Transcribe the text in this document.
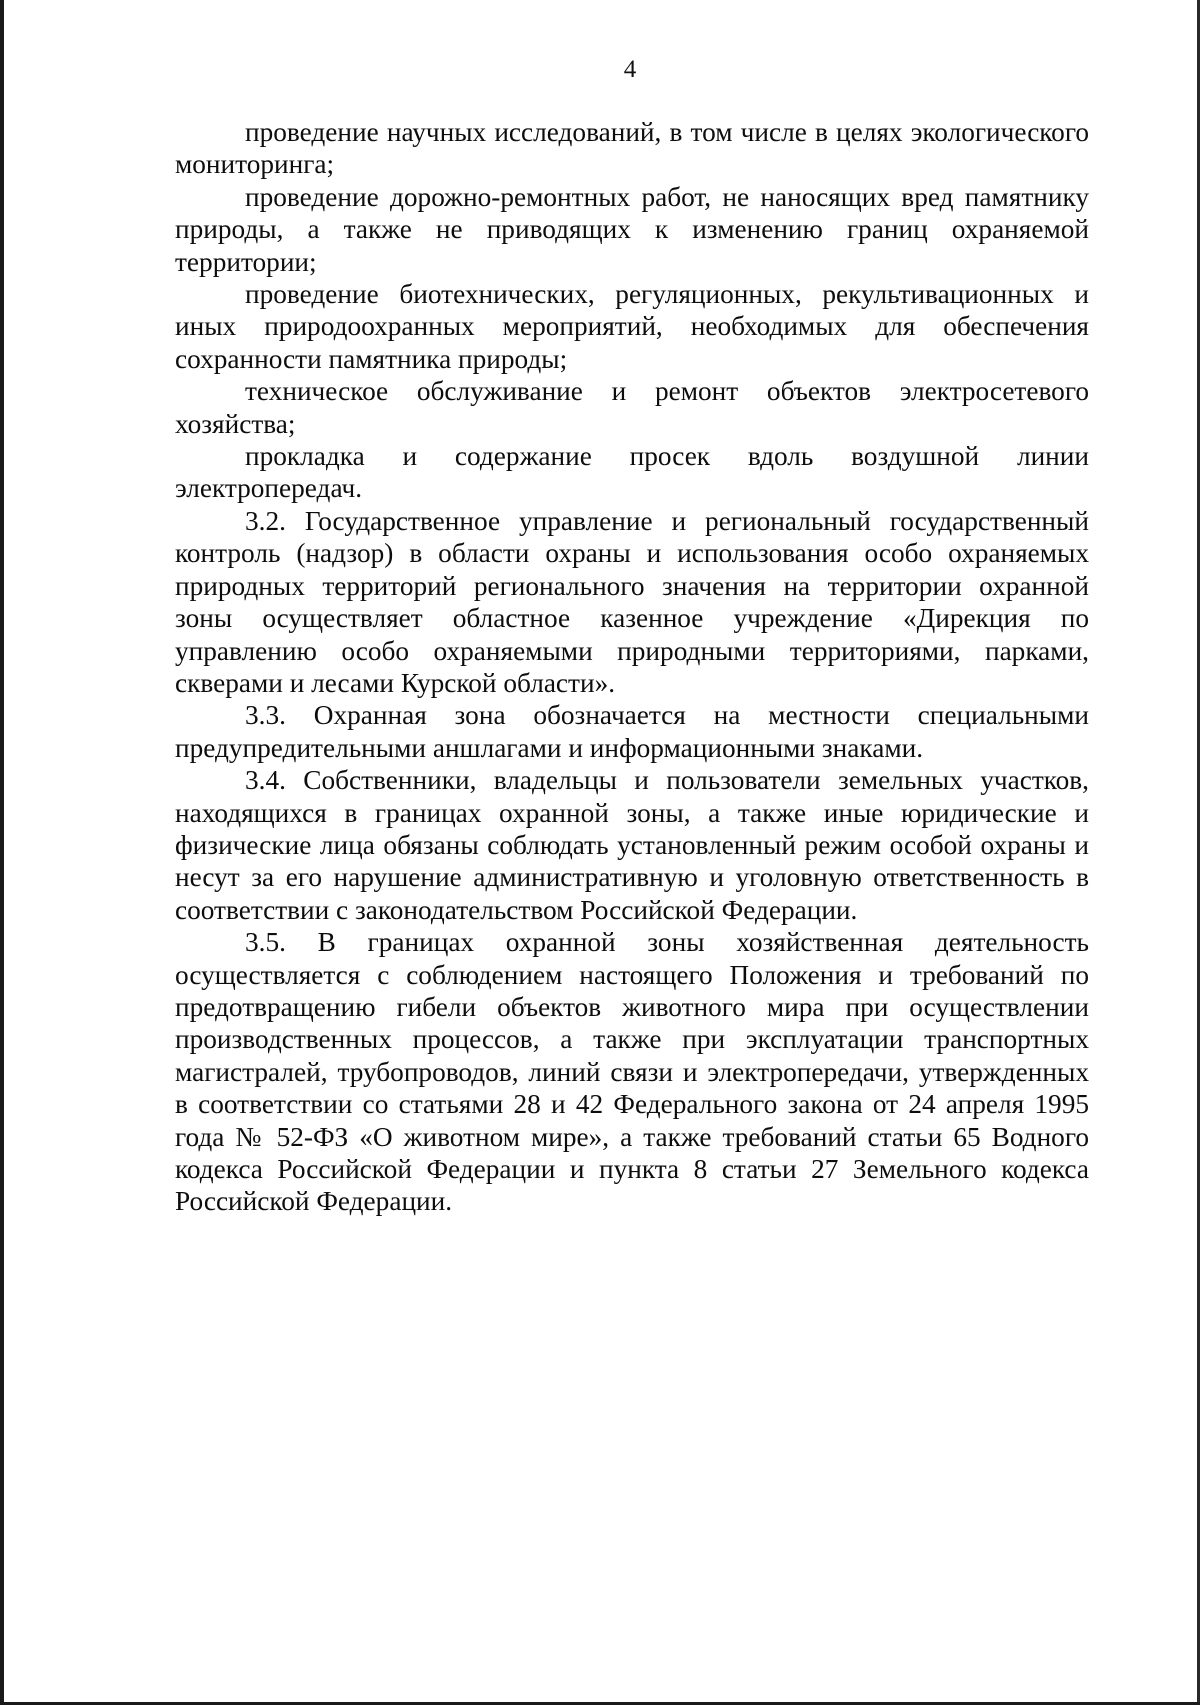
4

проведение научных исследований, в том числе в целях экологического мониторинга;

проведение дорожно-ремонтных работ, не наносящих вред памятнику природы, а также не приводящих к изменению границ охраняемой территории;

проведение биотехнических, регуляционных, рекультивационных и иных природоохранных мероприятий, необходимых для обеспечения сохранности памятника природы;

техническое обслуживание и ремонт объектов электросетевого хозяйства;

прокладка и содержание просек вдоль воздушной линии электропередач.

3.2. Государственное управление и региональный государственный контроль (надзор) в области охраны и использования особо охраняемых природных территорий регионального значения на территории охранной зоны осуществляет областное казенное учреждение «Дирекция по управлению особо охраняемыми природными территориями, парками, скверами и лесами Курской области».

3.3. Охранная зона обозначается на местности специальными предупредительными аншлагами и информационными знаками.

3.4. Собственники, владельцы и пользователи земельных участков, находящихся в границах охранной зоны, а также иные юридические и физические лица обязаны соблюдать установленный режим особой охраны и несут за его нарушение административную и уголовную ответственность в соответствии с законодательством Российской Федерации.

3.5. В границах охранной зоны хозяйственная деятельность осуществляется с соблюдением настоящего Положения и требований по предотвращению гибели объектов животного мира при осуществлении производственных процессов, а также при эксплуатации транспортных магистралей, трубопроводов, линий связи и электропередачи, утвержденных в соответствии со статьями 28 и 42 Федерального закона от 24 апреля 1995 года № 52-ФЗ «О животном мире», а также требований статьи 65 Водного кодекса Российской Федерации и пункта 8 статьи 27 Земельного кодекса Российской Федерации.
